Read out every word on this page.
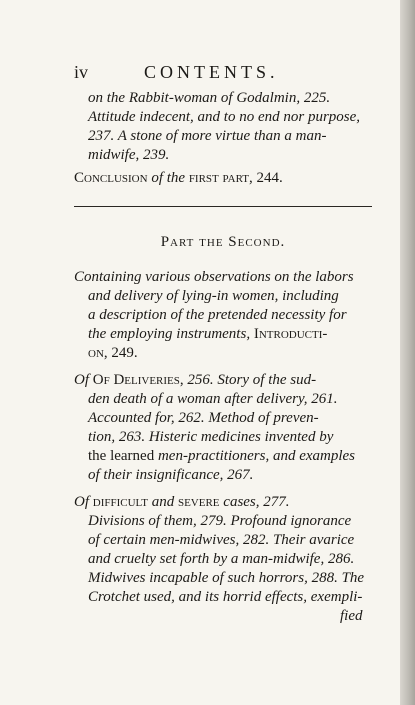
iv	CONTENTS.
on the Rabbit-woman of Godalmin, 225.
Attitude indecent, and to no end nor purpose,
237. A stone of more virtue than a man-
midwife, 239.
Conclusion of the first part, 244.
Part the Second.
Containing various observations on the labors
and delivery of lying-in women, including
a description of the pretended necessity for
the employing instruments, Introducti-
on, 249.
Of Of Deliveries, 256. Story of the sud-
den death of a woman after delivery, 261.
Accounted for, 262. Method of preven-
tion, 263. Histeric medicines invented by
the learned men-practitioners, and examples
of their insignificance, 267.
Of difficult and severe cases, 277.
Divisions of them, 279. Profound ignorance
of certain men-midwives, 282. Their avarice
and cruelty set forth by a man-midwife, 286.
Midwives incapable of such horrors, 288. The
Crotchet used, and its horrid effects, exempli-
fied
